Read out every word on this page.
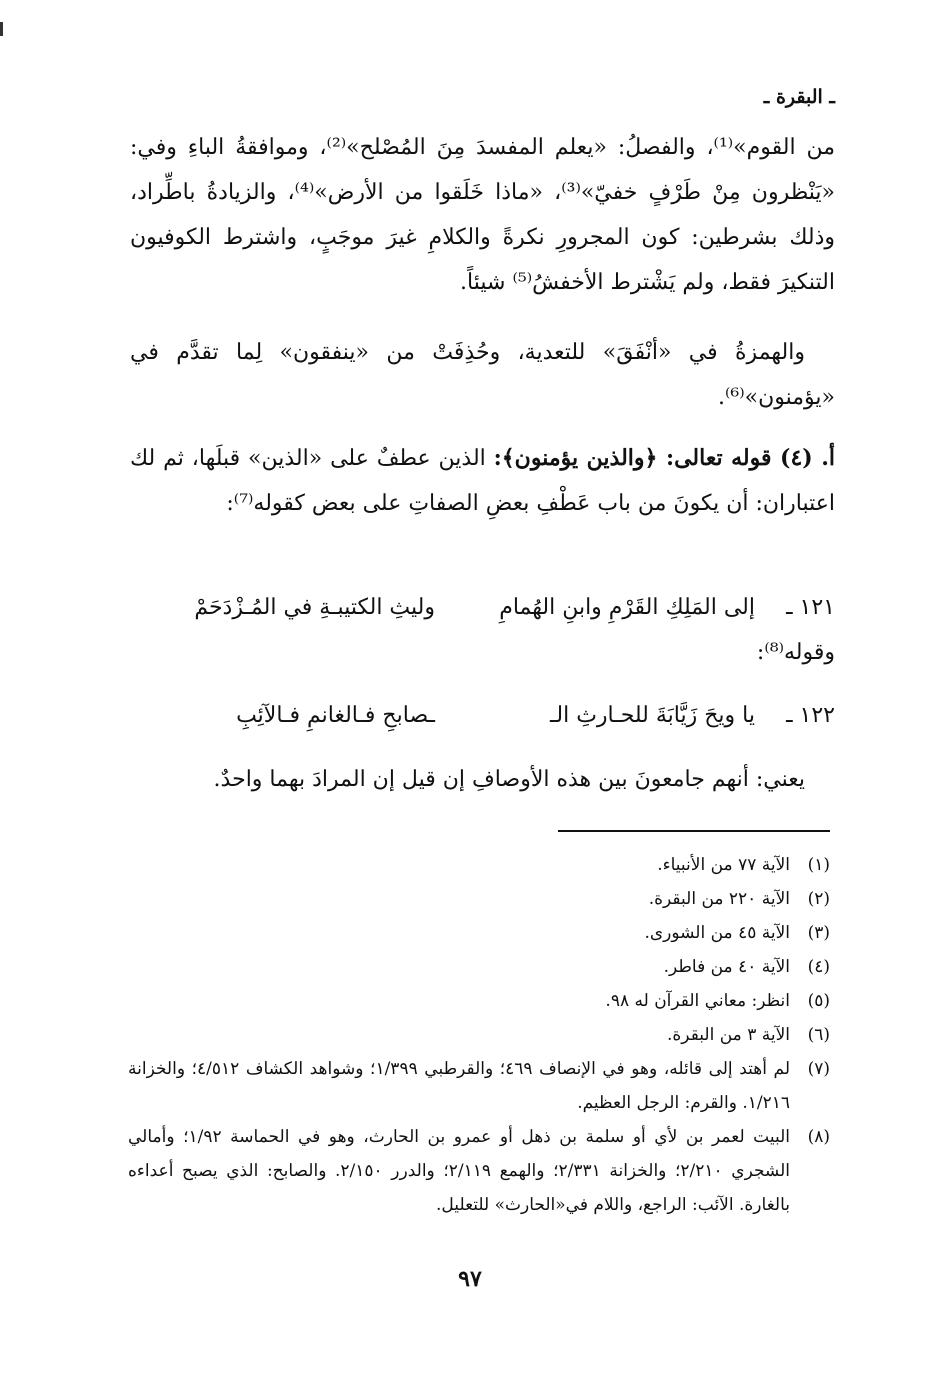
ـ البقرة ـ

من القوم»⁽¹⁾، والفصلُ: «يعلم المفسدَ مِنَ المُصْلح»⁽²⁾، وموافقةُ الباءِ وفي: «يَنْظرون مِنْ طَرْفٍ خفيّ»⁽³⁾، «ماذا خَلَقوا من الأرض»⁽⁴⁾، والزيادةُ باطِّراد، وذلك بشرطين: كون المجرورِ نكرةً والكلامِ غيرَ موجَبٍ، واشترط الكوفيون التنكيرَ فقط، ولم يَشْترط الأخفشُ⁽⁵⁾ شيئاً.

والهمزةُ في «أنْفَقَ» للتعدية، وحُذِفَتْ من «ينفقون» لِما تقدَّم في «يؤمنون»⁽⁶⁾.

أ. (٤) قوله تعالى: ﴿والذين يؤمنون﴾: الذين عطفٌ على «الذين» قبلَها، ثم لك اعتباران: أن يكونَ من باب عَطْفِ بعضِ الصفاتِ على بعض كقوله⁽⁷⁾:

١٢١ ـإلى المَلِكِ القَرْمِ وابنِ الهُمامِوليثِ الكتيبـةِ في المُـزْدَحَمْ
وقوله⁽⁸⁾:
١٢٢ ـيا ويحَ زَيَّابَةَ للحـارثِ الــصابحِ فـالغانمِ فـالآئِبِ

يعني: أنهم جامعونَ بين هذه الأوصافِ إن قيل إن المرادَ بهما واحدٌ.

(١)
الآية ٧٧ من الأنبياء.
(٢)
الآية ٢٢٠ من البقرة.
(٣)
الآية ٤٥ من الشورى.
(٤)
الآية ٤٠ من فاطر.
(٥)
انظر: معاني القرآن له ٩٨.
(٦)
الآية ٣ من البقرة.
(٧)
لم أهتد إلى قائله، وهو في الإنصاف ٤٦٩؛ والقرطبي ١/٣٩٩؛ وشواهد الكشاف ٤/٥١٢؛ والخزانة ١/٢١٦. والقرم: الرجل العظيم.
(٨)
البيت لعمر بن لأي أو سلمة بن ذهل أو عمرو بن الحارث، وهو في الحماسة ١/٩٢؛ وأمالي الشجري ٢/٢١٠؛ والخزانة ٢/٣٣١؛ والهمع ٢/١١٩؛ والدرر ٢/١٥٠. والصابح: الذي يصبح أعداءه بالغارة. الآئب: الراجع، واللام في«الحارث» للتعليل.
٩٧
